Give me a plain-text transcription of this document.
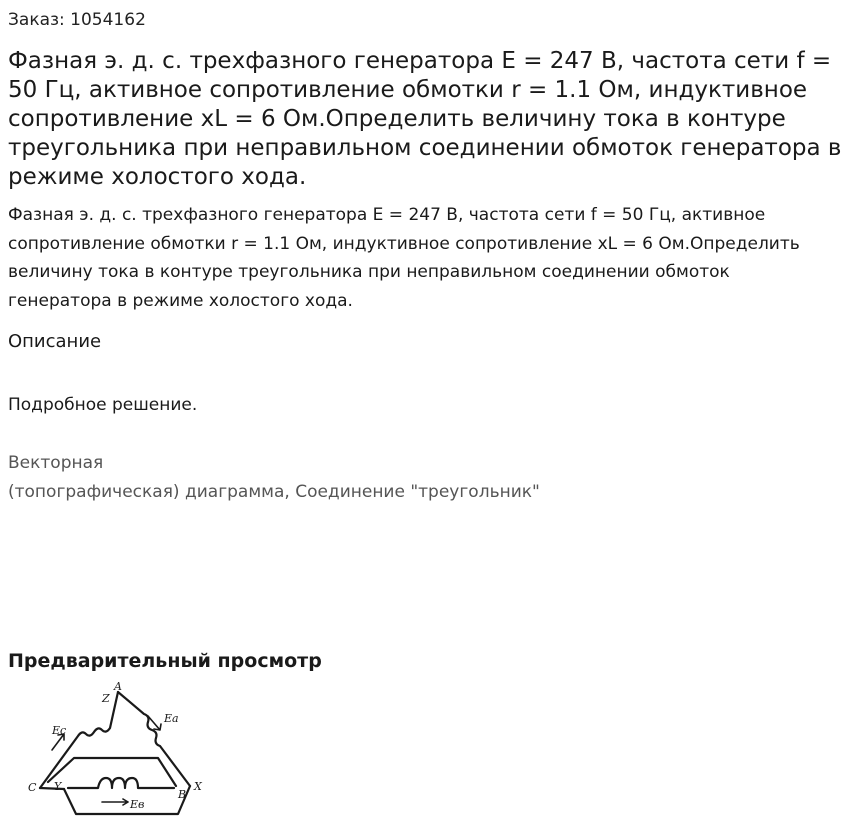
Заказ: 1054162
Фазная э. д. с. трехфазного генератора E = 247 В, частота сети f = 50 Гц, активное сопротивление обмотки r = 1.1 Ом, индуктивное сопротивление xL = 6 Ом.Определить величину тока в контуре треугольника при неправильном соединении обмоток генератора в режиме холостого хода.

Фазная э. д. с. трехфазного генератора E = 247 В, частота сети f = 50 Гц, активное сопротивление обмотки r = 1.1 Ом, индуктивное сопротивление xL = 6 Ом.Определить величину тока в контуре треугольника при неправильном соединении обмоток генератора в режиме холостого хода.

Описание
Подробное решение.
Векторная
(топографическая) диаграмма, Соединение "треугольник"
Предварительный просмотр
A
Z
C Y	X
B
Eа
Eс
Eв
